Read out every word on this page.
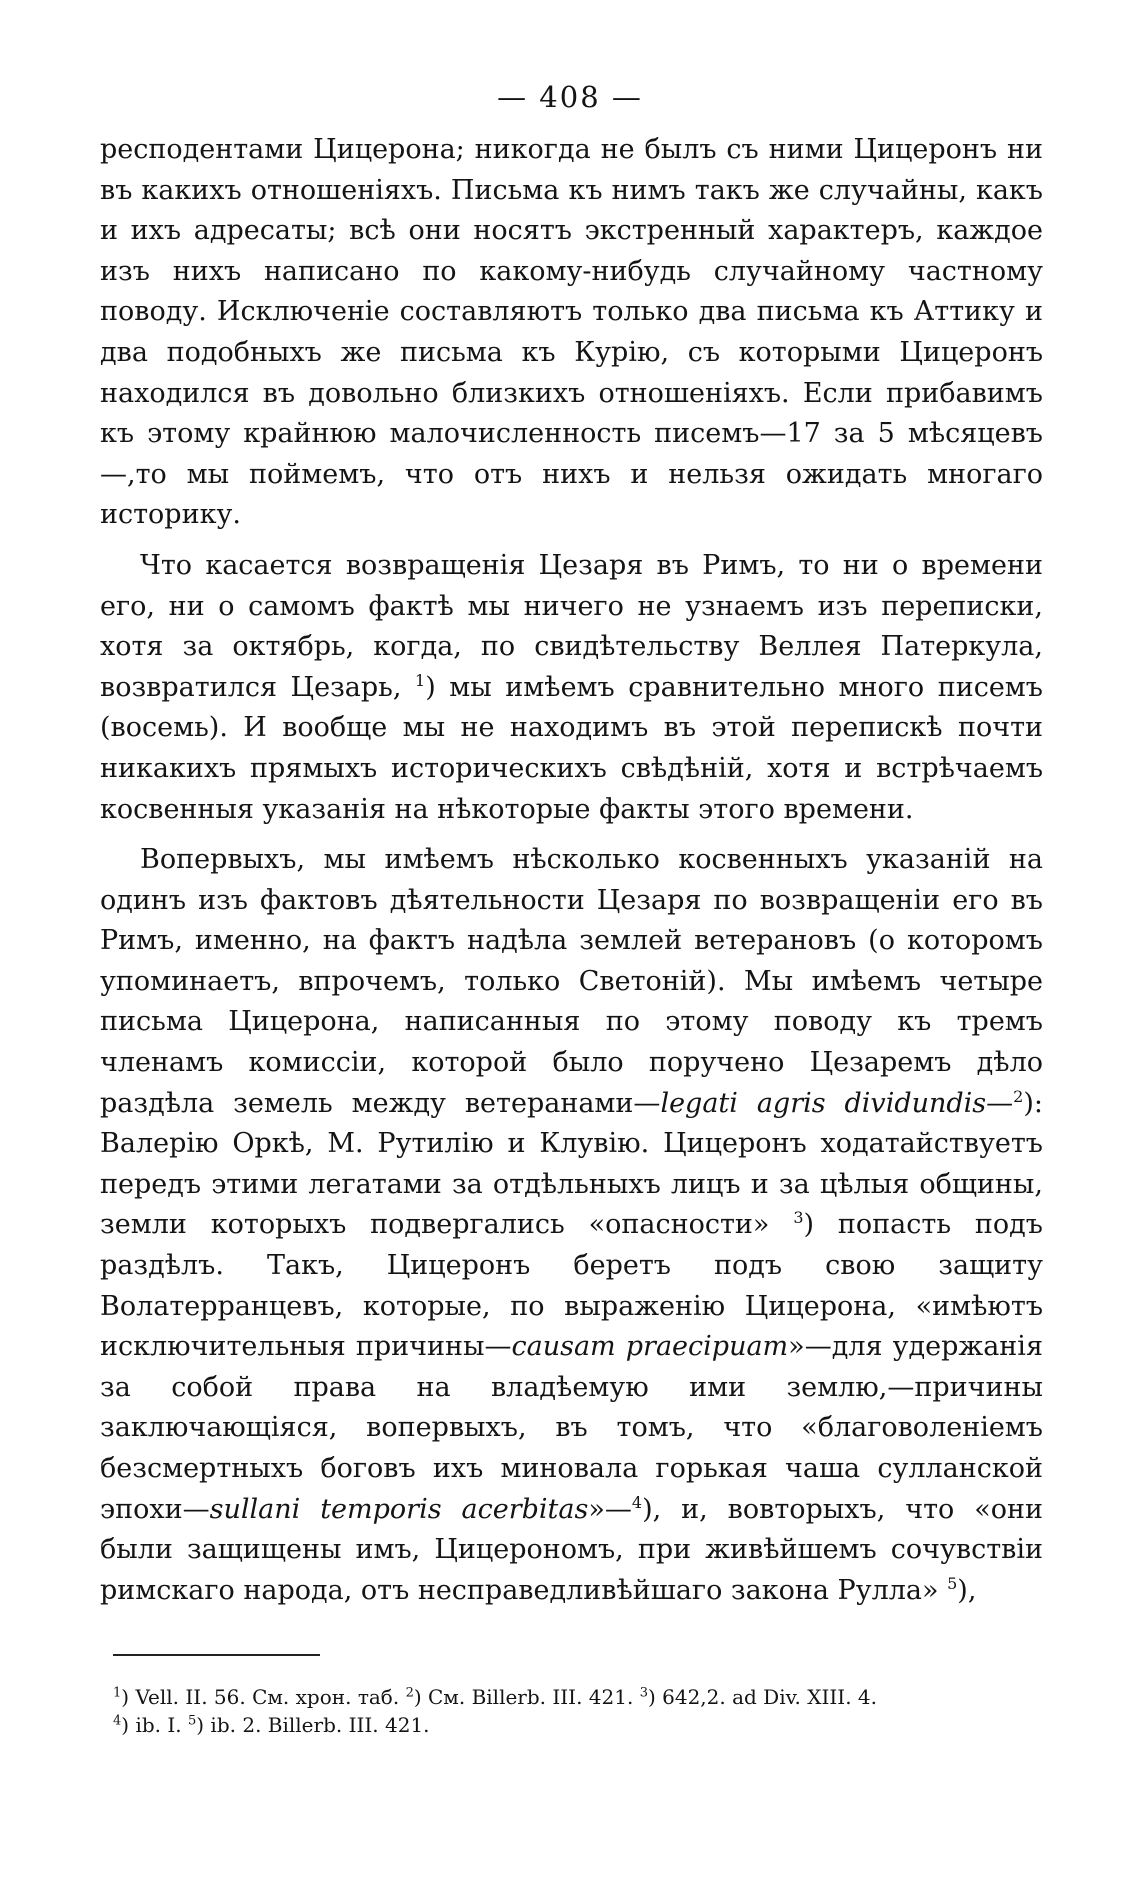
— 408 —

респодентами Цицерона; никогда не былъ съ ними Цицеронъ ни въ какихъ отношеніяхъ. Письма къ нимъ такъ же случайны, какъ и ихъ адресаты; всѣ они носятъ экстренный характеръ, каждое изъ нихъ написано по какому-нибудь случайному частному поводу. Исключеніе составляютъ только два письма къ Аттику и два подобныхъ же письма къ Курію, съ которыми Цицеронъ находился въ довольно близкихъ отношеніяхъ. Если прибавимъ къ этому крайнюю малочисленность писемъ—17 за 5 мѣсяцевъ—,то мы поймемъ, что отъ нихъ и нельзя ожидать многаго историку.

Что касается возвращенія Цезаря въ Римъ, то ни о времени его, ни о самомъ фактѣ мы ничего не узнаемъ изъ переписки, хотя за октябрь, когда, по свидѣтельству Веллея Патеркула, возвратился Цезарь, $^1$) мы имѣемъ сравнительно много писемъ (восемь). И вообще мы не находимъ въ этой перепискѣ почти никакихъ прямыхъ историческихъ свѣдѣній, хотя и встрѣчаемъ косвенныя указанія на нѣкоторые факты этого времени.

Вопервыхъ, мы имѣемъ нѣсколько косвенныхъ указаній на одинъ изъ фактовъ дѣятельности Цезаря по возвращеніи его въ Римъ, именно, на фактъ надѣла землей ветерановъ (о которомъ упоминаетъ, впрочемъ, только Светоній). Мы имѣемъ четыре письма Цицерона, написанныя по этому поводу къ тремъ членамъ комиссіи, которой было поручено Цезаремъ дѣло раздѣла земель между ветеранами—legati agris dividundis—$^2$): Валерію Оркѣ, М. Рутилію и Клувію. Цицеронъ ходатайствуетъ передъ этими легатами за отдѣльныхъ лицъ и за цѣлыя общины, земли которыхъ подвергались «опасности» $^3$) попасть подъ раздѣлъ. Такъ, Цицеронъ беретъ подъ свою защиту Волатерранцевъ, которые, по выраженію Цицерона, «имѣютъ исключительныя причины—causam praecipuam»—для удержанія за собой права на владѣемую ими землю,—причины заключающіяся, вопервыхъ, въ томъ, что «благоволеніемъ безсмертныхъ боговъ ихъ миновала горькая чаша сулланской эпохи—sullani temporis acerbitas»—$^4$), и, вовторыхъ, что «они были защищены имъ, Цицерономъ, при живѣйшемъ сочувствіи римскаго народа, отъ несправедливѣйшаго закона Рулла» $^5$),

$^1$) Vell. II. 56. См. хрон. таб. $^2$) См. Billerb. III. 421. $^3$) 642,2. ad Div. XIII. 4.
$^4$) ib. I. $^5$) ib. 2. Billerb. III. 421.
